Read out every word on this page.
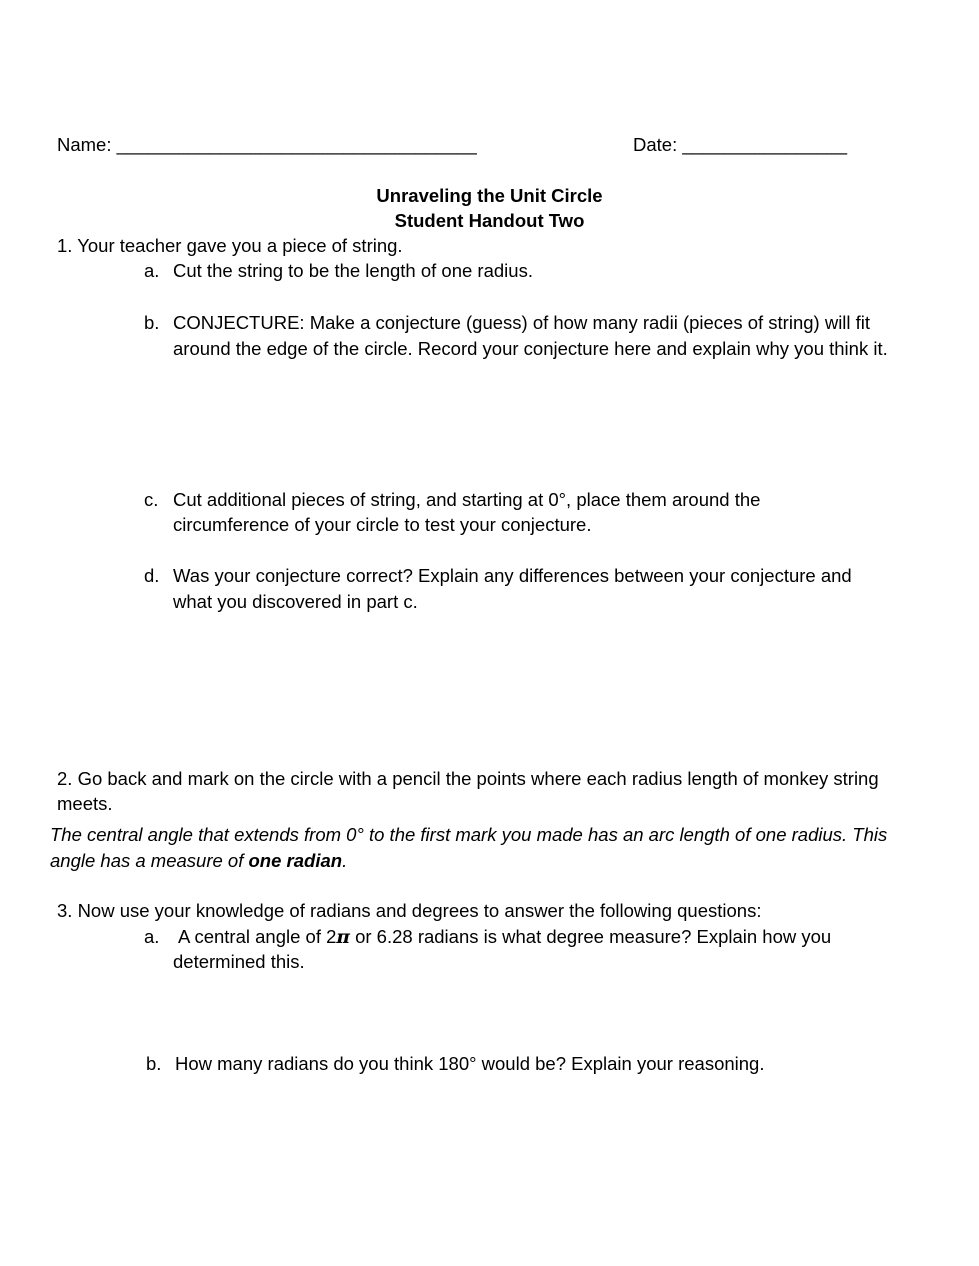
Name: ___________________________________	Date: ________________
Unraveling the Unit Circle
Student Handout Two
1. Your teacher gave you a piece of string.
a. Cut the string to be the length of one radius.
b. CONJECTURE: Make a conjecture (guess) of how many radii (pieces of string) will fit
around the edge of the circle. Record your conjecture here and explain why you think it.
c. Cut additional pieces of string, and starting at 0°, place them around the
circumference of your circle to test your conjecture.
d. Was your conjecture correct? Explain any differences between your conjecture and
what you discovered in part c.
2. Go back and mark on the circle with a pencil the points where each radius length of monkey string
meets.
The central angle that extends from 0° to the first mark you made has an arc length of one radius. This
angle has a measure of one radian.
3. Now use your knowledge of radians and degrees to answer the following questions:
a. A central angle of 2π or 6.28 radians is what degree measure? Explain how you
determined this.
b. How many radians do you think 180° would be? Explain your reasoning.
